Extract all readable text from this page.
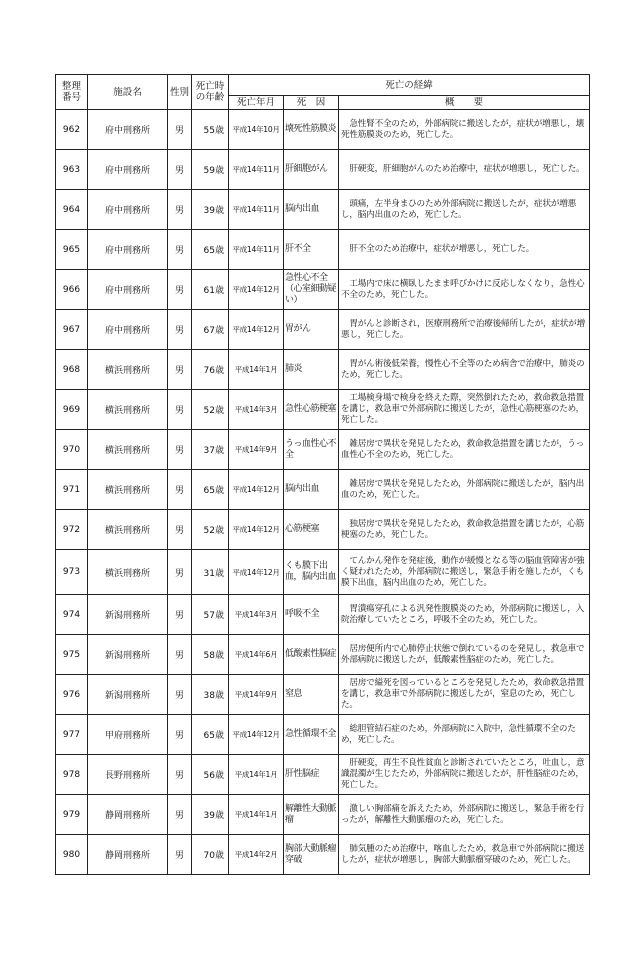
整理番号	施設名	性別	死亡時の年齢	死亡の経緯		
				死亡年月	死　因	概　　要
962	府中刑務所	男	55歳	平成14年10月	壊死性筋膜炎	　急性腎不全のため，外部病院に搬送したが，症状が増悪し，壊死性筋膜炎のため，死亡した。
963	府中刑務所	男	59歳	平成14年11月	肝細胞がん	　肝硬変，肝細胞がんのため治療中，症状が増悪し，死亡した。
964	府中刑務所	男	39歳	平成14年11月	脳内出血	　頭痛，左半身まひのため外部病院に搬送したが，症状が増悪し，脳内出血のため，死亡した。
965	府中刑務所	男	65歳	平成14年11月	肝不全	　肝不全のため治療中，症状が増悪し，死亡した。
966	府中刑務所	男	61歳	平成14年12月	急性心不全（心室細動疑い）	　工場内で床に横臥したまま呼びかけに反応しなくなり，急性心不全のため，死亡した。
967	府中刑務所	男	67歳	平成14年12月	胃がん	　胃がんと診断され，医療刑務所で治療後帰所したが，症状が増悪し，死亡した。
968	横浜刑務所	男	76歳	平成14年1月	肺炎	　胃がん術後低栄養，慢性心不全等のため病舎で治療中，肺炎のため，死亡した。
969	横浜刑務所	男	52歳	平成14年3月	急性心筋梗塞	　工場検身場で検身を終えた際，突然倒れたため，救命救急措置を講じ，救急車で外部病院に搬送したが，急性心筋梗塞のため，死亡した。
970	横浜刑務所	男	37歳	平成14年9月	うっ血性心不全	　雑居房で異状を発見したため，救命救急措置を講じたが，うっ血性心不全のため，死亡した。
971	横浜刑務所	男	65歳	平成14年12月	脳内出血	　雑居房で異状を発見したため，外部病院に搬送したが，脳内出血のため，死亡した。
972	横浜刑務所	男	52歳	平成14年12月	心筋梗塞	　独居房で異状を発見したため，救命救急措置を講じたが，心筋梗塞のため，死亡した。
973	横浜刑務所	男	31歳	平成14年12月	くも膜下出血，脳内出血	　てんかん発作を発症後，動作が緩慢となる等の脳血管障害が強く疑われたため，外部病院に搬送し，緊急手術を施したが，くも膜下出血，脳内出血のため，死亡した。
974	新潟刑務所	男	57歳	平成14年3月	呼吸不全	　胃潰瘍穿孔による汎発性腹膜炎のため，外部病院に搬送し，入院治療していたところ，呼吸不全のため，死亡した。
975	新潟刑務所	男	58歳	平成14年6月	低酸素性脳症	　居房便所内で心肺停止状態で倒れているのを発見し，救急車で外部病院に搬送したが，低酸素性脳症のため，死亡した。
976	新潟刑務所	男	38歳	平成14年9月	窒息	　居房で縊死を図っているところを発見したため，救命救急措置を講じ，救急車で外部病院に搬送したが，窒息のため，死亡した。
977	甲府刑務所	男	65歳	平成14年12月	急性循環不全	　総胆管結石症のため，外部病院に入院中，急性循環不全のため，死亡した。
978	長野刑務所	男	56歳	平成14年1月	肝性脳症	　肝硬変，再生不良性貧血と診断されていたところ，吐血し，意識混濁が生じたため，外部病院に搬送したが，肝性脳症のため，死亡した。
979	静岡刑務所	男	39歳	平成14年1月	解離性大動脈瘤	　激しい胸部痛を訴えたため，外部病院に搬送し，緊急手術を行ったが，解離性大動脈瘤のため，死亡した。
980	静岡刑務所	男	70歳	平成14年2月	胸部大動脈瘤穿破	　肺気腫のため治療中，喀血したため，救急車で外部病院に搬送したが，症状が増悪し，胸部大動脈瘤穿破のため，死亡した。
